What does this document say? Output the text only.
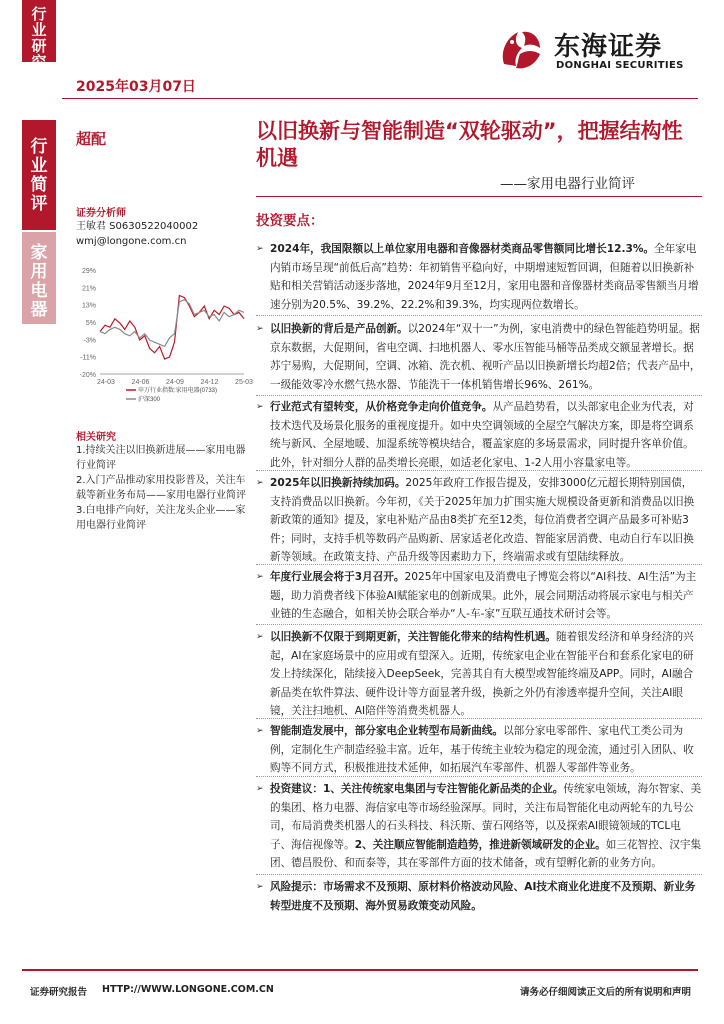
行
业
研
究
行
业
简
评
家
用
电
器
2025年03月07日
东海证券
DONGHAI SECURITIES
超配	以旧换新与智能制造“双轮驱动”，把握结构性机遇
——家用电器行业简评
证券分析师
王敏君 S0630522040002
wmj@longone.com.cn
29%
21%
13%
5%
-3%
-11%
-20%
24-03 24-06 24-09 24-12 25-03
申万行业指数:家用电器(0733)
沪深300
相关研究
1.持续关注以旧换新进展——家用电器行业简评
2.入门产品推动家用投影普及，关注车载等新业务布局——家用电器行业简评
3.白电排产向好，关注龙头企业——家用电器行业简评
投资要点：
➢ 2024年，我国限额以上单位家用电器和音像器材类商品零售额同比增长12.3%。全年家电内销市场呈现“前低后高”趋势：年初销售平稳向好，中期增速短暂回调，但随着以旧换新补贴和相关营销活动逐步落地，2024年9月至12月，家用电器和音像器材类商品零售额当月增速分别为20.5%、39.2%、22.2%和39.3%，均实现两位数增长。
➢ 以旧换新的背后是产品创新。以2024年“双十一”为例，家电消费中的绿色智能趋势明显。据京东数据，大促期间，省电空调、扫地机器人、零水压智能马桶等品类成交额显著增长。据苏宁易购，大促期间，空调、冰箱、洗衣机、视听产品以旧换新增长均超2倍；代表产品中，一级能效零冷水燃气热水器、节能洗干一体机销售增长96%、261%。
➢ 行业范式有望转变，从价格竞争走向价值竞争。从产品趋势看，以头部家电企业为代表，对技术迭代及场景化服务的重视度提升。如中央空调领域的全屋空气解决方案，即是将空调系统与新风、全屋地暖、加湿系统等模块结合，覆盖家庭的多场景需求，同时提升客单价值。此外，针对细分人群的品类增长亮眼，如适老化家电、1-2人用小容量家电等。
➢ 2025年以旧换新持续加码。2025年政府工作报告提及，安排3000亿元超长期特别国债，支持消费品以旧换新。今年初，《关于2025年加力扩围实施大规模设备更新和消费品以旧换新政策的通知》提及，家电补贴产品由8类扩充至12类，每位消费者空调产品最多可补贴3件；同时，支持手机等数码产品购新、居家适老化改造、智能家居消费、电动自行车以旧换新等领域。在政策支持、产品升级等因素助力下，终端需求或有望陆续释放。
➢ 年度行业展会将于3月召开。2025年中国家电及消费电子博览会将以“AI科技、AI生活”为主题，助力消费者线下体验AI赋能家电的创新成果。此外，展会同期活动将展示家电与相关产业链的生态融合，如相关协会联合举办“人-车-家”互联互通技术研讨会等。
➢ 以旧换新不仅限于到期更新，关注智能化带来的结构性机遇。随着银发经济和单身经济的兴起，AI在家庭场景中的应用或有望深入。近期，传统家电企业在智能平台和套系化家电的研发上持续深化，陆续接入DeepSeek，完善其自有大模型或智能终端及APP。同时，AI融合新品类在软件算法、硬件设计等方面显著升级，换新之外仍有渗透率提升空间，关注AI眼镜，关注扫地机、AI陪伴等消费类机器人。
➢ 智能制造发展中，部分家电企业转型布局新曲线。以部分家电零部件、家电代工类公司为例，定制化生产制造经验丰富。近年，基于传统主业较为稳定的现金流，通过引入团队、收购等不同方式，积极推进技术延伸，如拓展汽车零部件、机器人零部件等业务。
➢ 投资建议：1、关注传统家电集团与专注智能化新品类的企业。传统家电领域，海尔智家、美的集团、格力电器、海信家电等市场经验深厚。同时，关注布局智能化电动两轮车的九号公司，布局消费类机器人的石头科技、科沃斯、萤石网络等，以及探索AI眼镜领域的TCL电子、海信视像等。2、关注顺应智能制造趋势，推进新领域研发的企业。如三花智控、汉宇集团、德昌股份、和而泰等，其在零部件方面的技术储备，或有望孵化新的业务方向。
➢ 风险提示：市场需求不及预期、原材料价格波动风险、AI技术商业化进度不及预期、新业务转型进度不及预期、海外贸易政策变动风险。
证券研究报告 HTTP://WWW.LONGONE.COM.CN	请务必仔细阅读正文后的所有说明和声明
